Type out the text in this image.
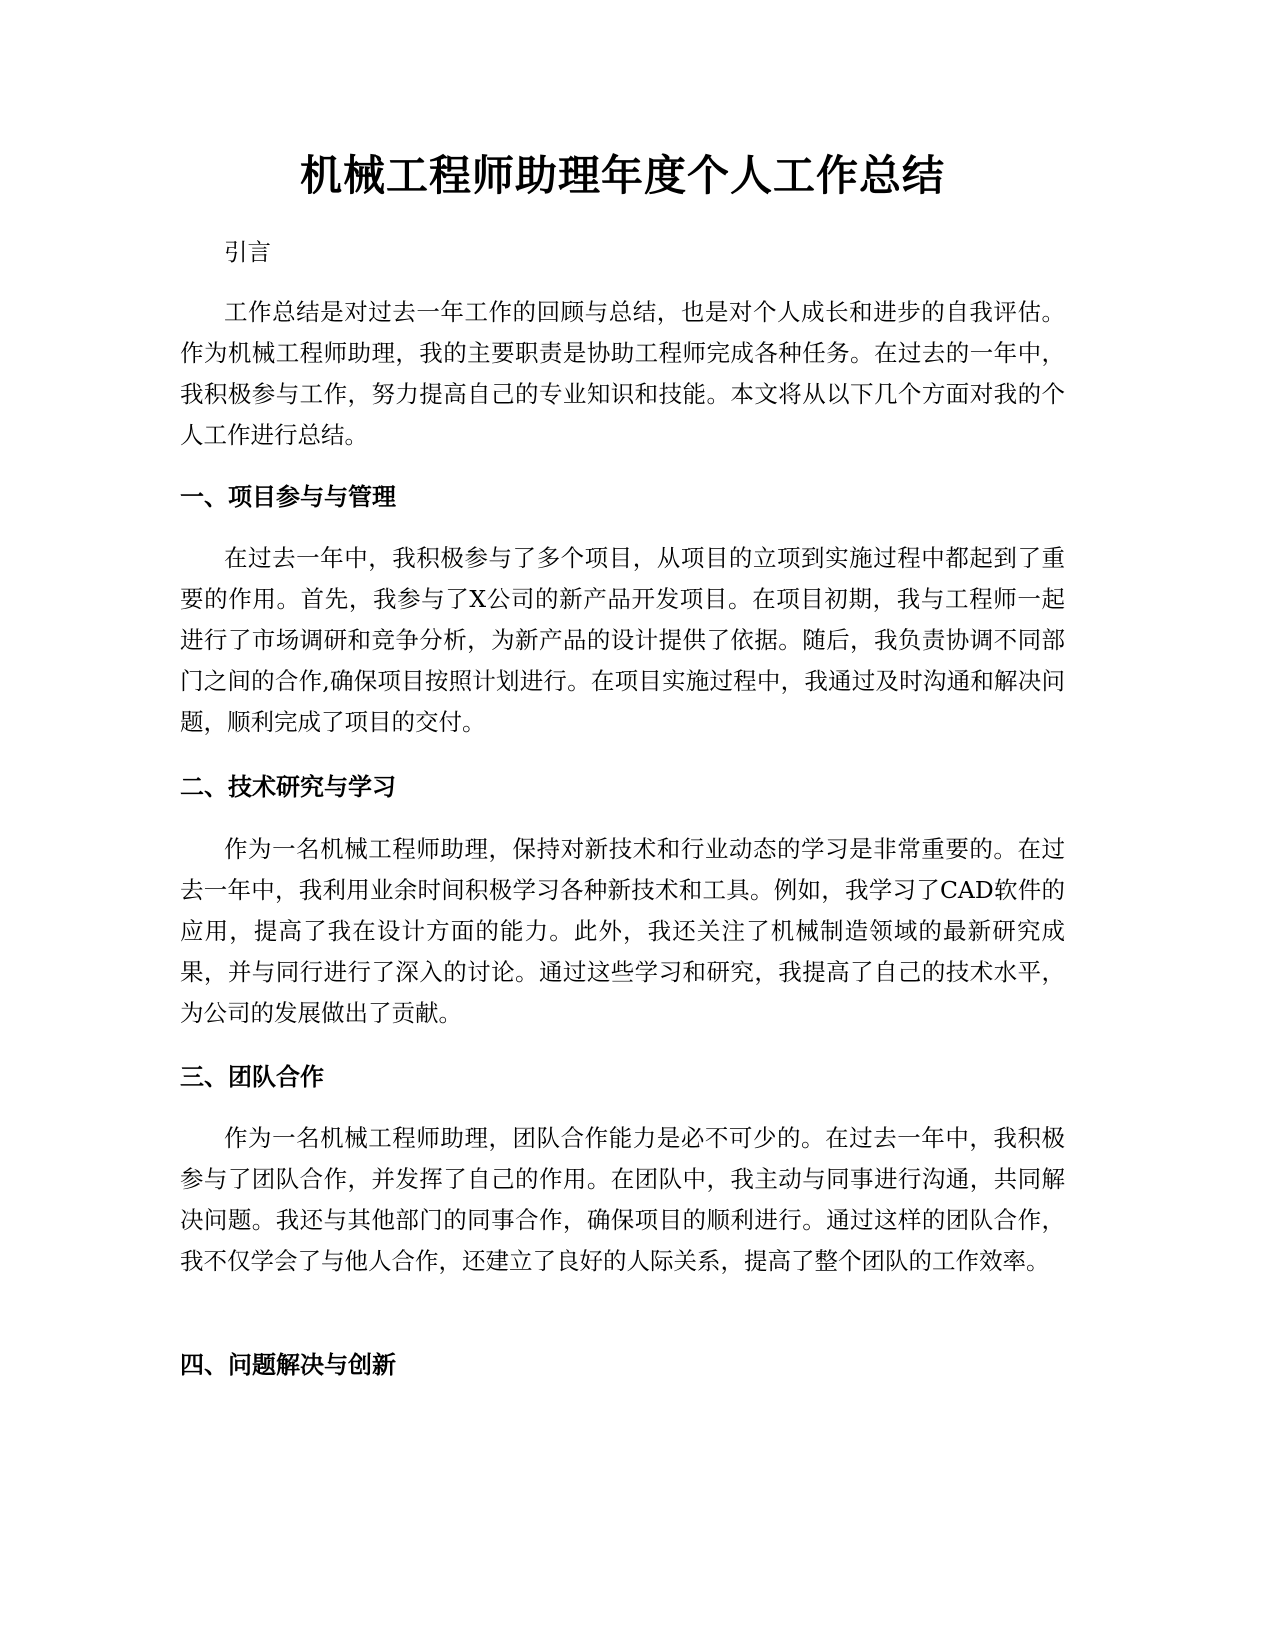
机械工程师助理年度个人工作总结

引言

工作总结是对过去一年工作的回顾与总结，也是对个人成长和进步的自我评估。作为机械工程师助理，我的主要职责是协助工程师完成各种任务。在过去的一年中，我积极参与工作，努力提高自己的专业知识和技能。本文将从以下几个方面对我的个人工作进行总结。

一、项目参与与管理

在过去一年中，我积极参与了多个项目，从项目的立项到实施过程中都起到了重要的作用。首先，我参与了X公司的新产品开发项目。在项目初期，我与工程师一起进行了市场调研和竞争分析，为新产品的设计提供了依据。随后，我负责协调不同部门之间的合作,确保项目按照计划进行。在项目实施过程中，我通过及时沟通和解决问题，顺利完成了项目的交付。

二、技术研究与学习

作为一名机械工程师助理，保持对新技术和行业动态的学习是非常重要的。在过去一年中，我利用业余时间积极学习各种新技术和工具。例如，我学习了CAD软件的应用，提高了我在设计方面的能力。此外，我还关注了机械制造领域的最新研究成果，并与同行进行了深入的讨论。通过这些学习和研究，我提高了自己的技术水平，为公司的发展做出了贡献。

三、团队合作

作为一名机械工程师助理，团队合作能力是必不可少的。在过去一年中，我积极参与了团队合作，并发挥了自己的作用。在团队中，我主动与同事进行沟通，共同解决问题。我还与其他部门的同事合作，确保项目的顺利进行。通过这样的团队合作，我不仅学会了与他人合作，还建立了良好的人际关系，提高了整个团队的工作效率。

四、问题解决与创新
